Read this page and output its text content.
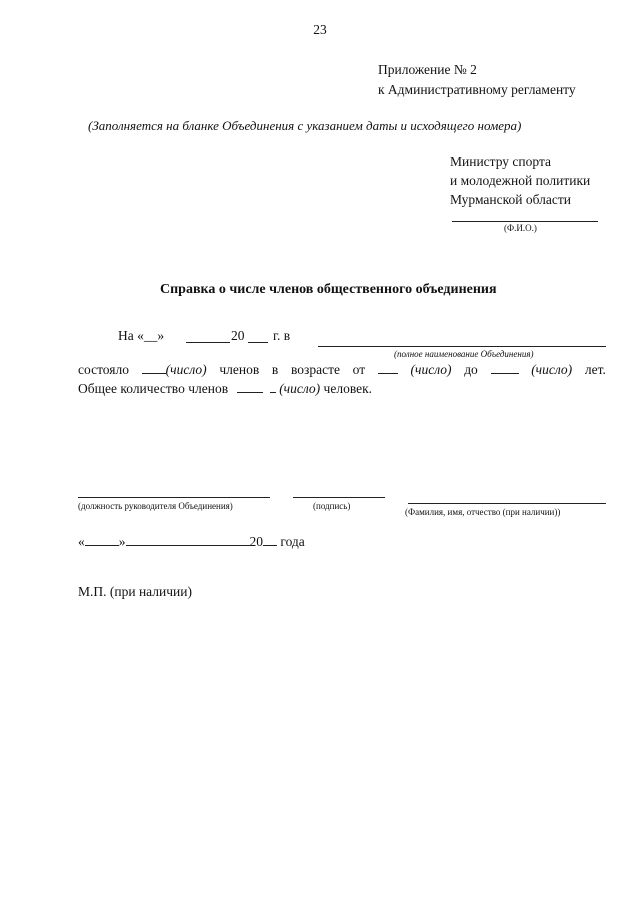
23
Приложение № 2
к Административному регламенту
(Заполняется на бланке Объединения с указанием даты и исходящего номера)
Министру спорта
и молодежной политики
Мурманской области
(Ф.И.О.)
Справка о числе членов общественного объединения
На «__»	20 г. в
(полное наименование Объединения)
состояло	(число) членов в возрасте от	(число) до	(число) лет.
Общее количество членов	(число) человек.
(должность руководителя Объединения)	(подпись)
(Фамилия, имя, отчество (при наличии))
«	»	20 года
М.П. (при наличии)
